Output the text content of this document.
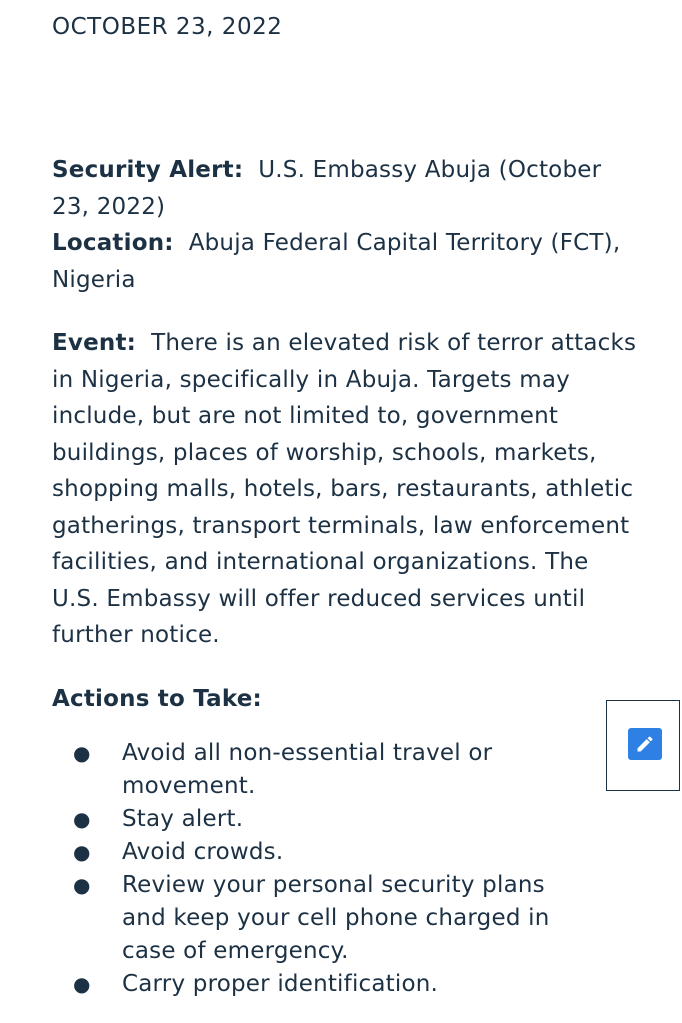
OCTOBER 23, 2022

Security Alert: U.S. Embassy Abuja (October 23, 2022)

Location: Abuja Federal Capital Territory (FCT), Nigeria

Event: There is an elevated risk of terror attacks in Nigeria, specifically in Abuja. Targets may include, but are not limited to, government buildings, places of worship, schools, markets, shopping malls, hotels, bars, restaurants, athletic gatherings, transport terminals, law enforcement facilities, and international organizations. The U.S. Embassy will offer reduced services until further notice.

Actions to Take:

● Avoid all non-essential travel or movement.
● Stay alert.
● Avoid crowds.
● Review your personal security plans and keep your cell phone charged in case of emergency.
● Carry proper identification.
